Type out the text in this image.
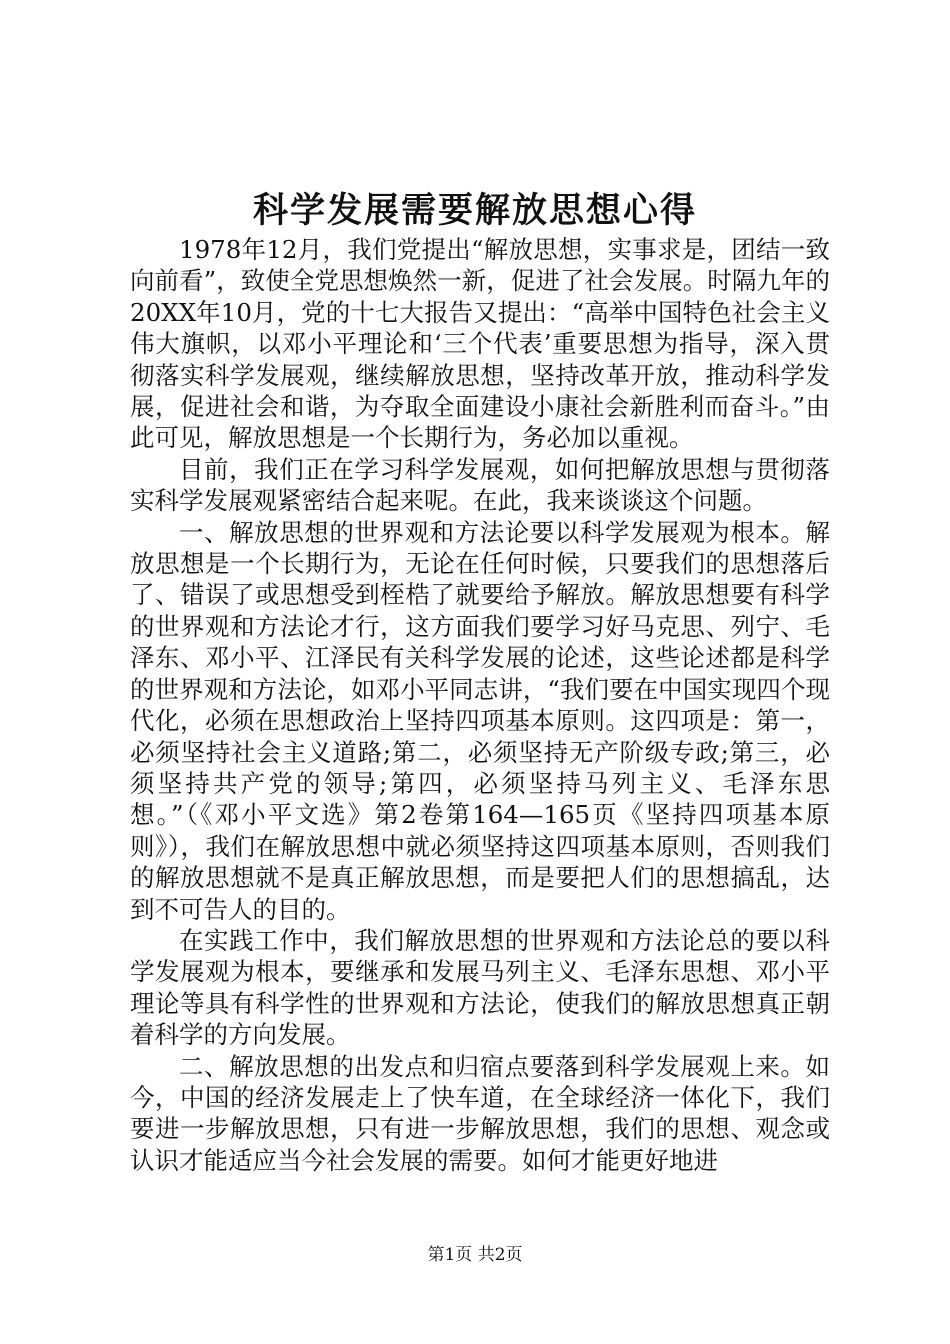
科学发展需要解放思想心得

1978年12月，我们党提出“解放思想，实事求是，团结一致向前看”，致使全党思想焕然一新，促进了社会发展。时隔九年的20XX年10月，党的十七大报告又提出：“高举中国特色社会主义伟大旗帜，以邓小平理论和‘三个代表’重要思想为指导，深入贯彻落实科学发展观，继续解放思想，坚持改革开放，推动科学发展，促进社会和谐，为夺取全面建设小康社会新胜利而奋斗。”由此可见，解放思想是一个长期行为，务必加以重视。

目前，我们正在学习科学发展观，如何把解放思想与贯彻落实科学发展观紧密结合起来呢。在此，我来谈谈这个问题。

一、解放思想的世界观和方法论要以科学发展观为根本。解放思想是一个长期行为，无论在任何时候，只要我们的思想落后了、错误了或思想受到桎梏了就要给予解放。解放思想要有科学的世界观和方法论才行，这方面我们要学习好马克思、列宁、毛泽东、邓小平、江泽民有关科学发展的论述，这些论述都是科学的世界观和方法论，如邓小平同志讲，“我们要在中国实现四个现代化，必须在思想政治上坚持四项基本原则。这四项是：第一，必须坚持社会主义道路;第二，必须坚持无产阶级专政;第三，必须坚持共产党的领导;第四，必须坚持马列主义、毛泽东思想。”（《邓小平文选》第2卷第164—165页《坚持四项基本原则》），我们在解放思想中就必须坚持这四项基本原则，否则我们的解放思想就不是真正解放思想，而是要把人们的思想搞乱，达到不可告人的目的。

在实践工作中，我们解放思想的世界观和方法论总的要以科学发展观为根本，要继承和发展马列主义、毛泽东思想、邓小平理论等具有科学性的世界观和方法论，使我们的解放思想真正朝着科学的方向发展。

二、解放思想的出发点和归宿点要落到科学发展观上来。如今，中国的经济发展走上了快车道，在全球经济一体化下，我们要进一步解放思想，只有进一步解放思想，我们的思想、观念或认识才能适应当今社会发展的需要。如何才能更好地进

第1页 共2页
